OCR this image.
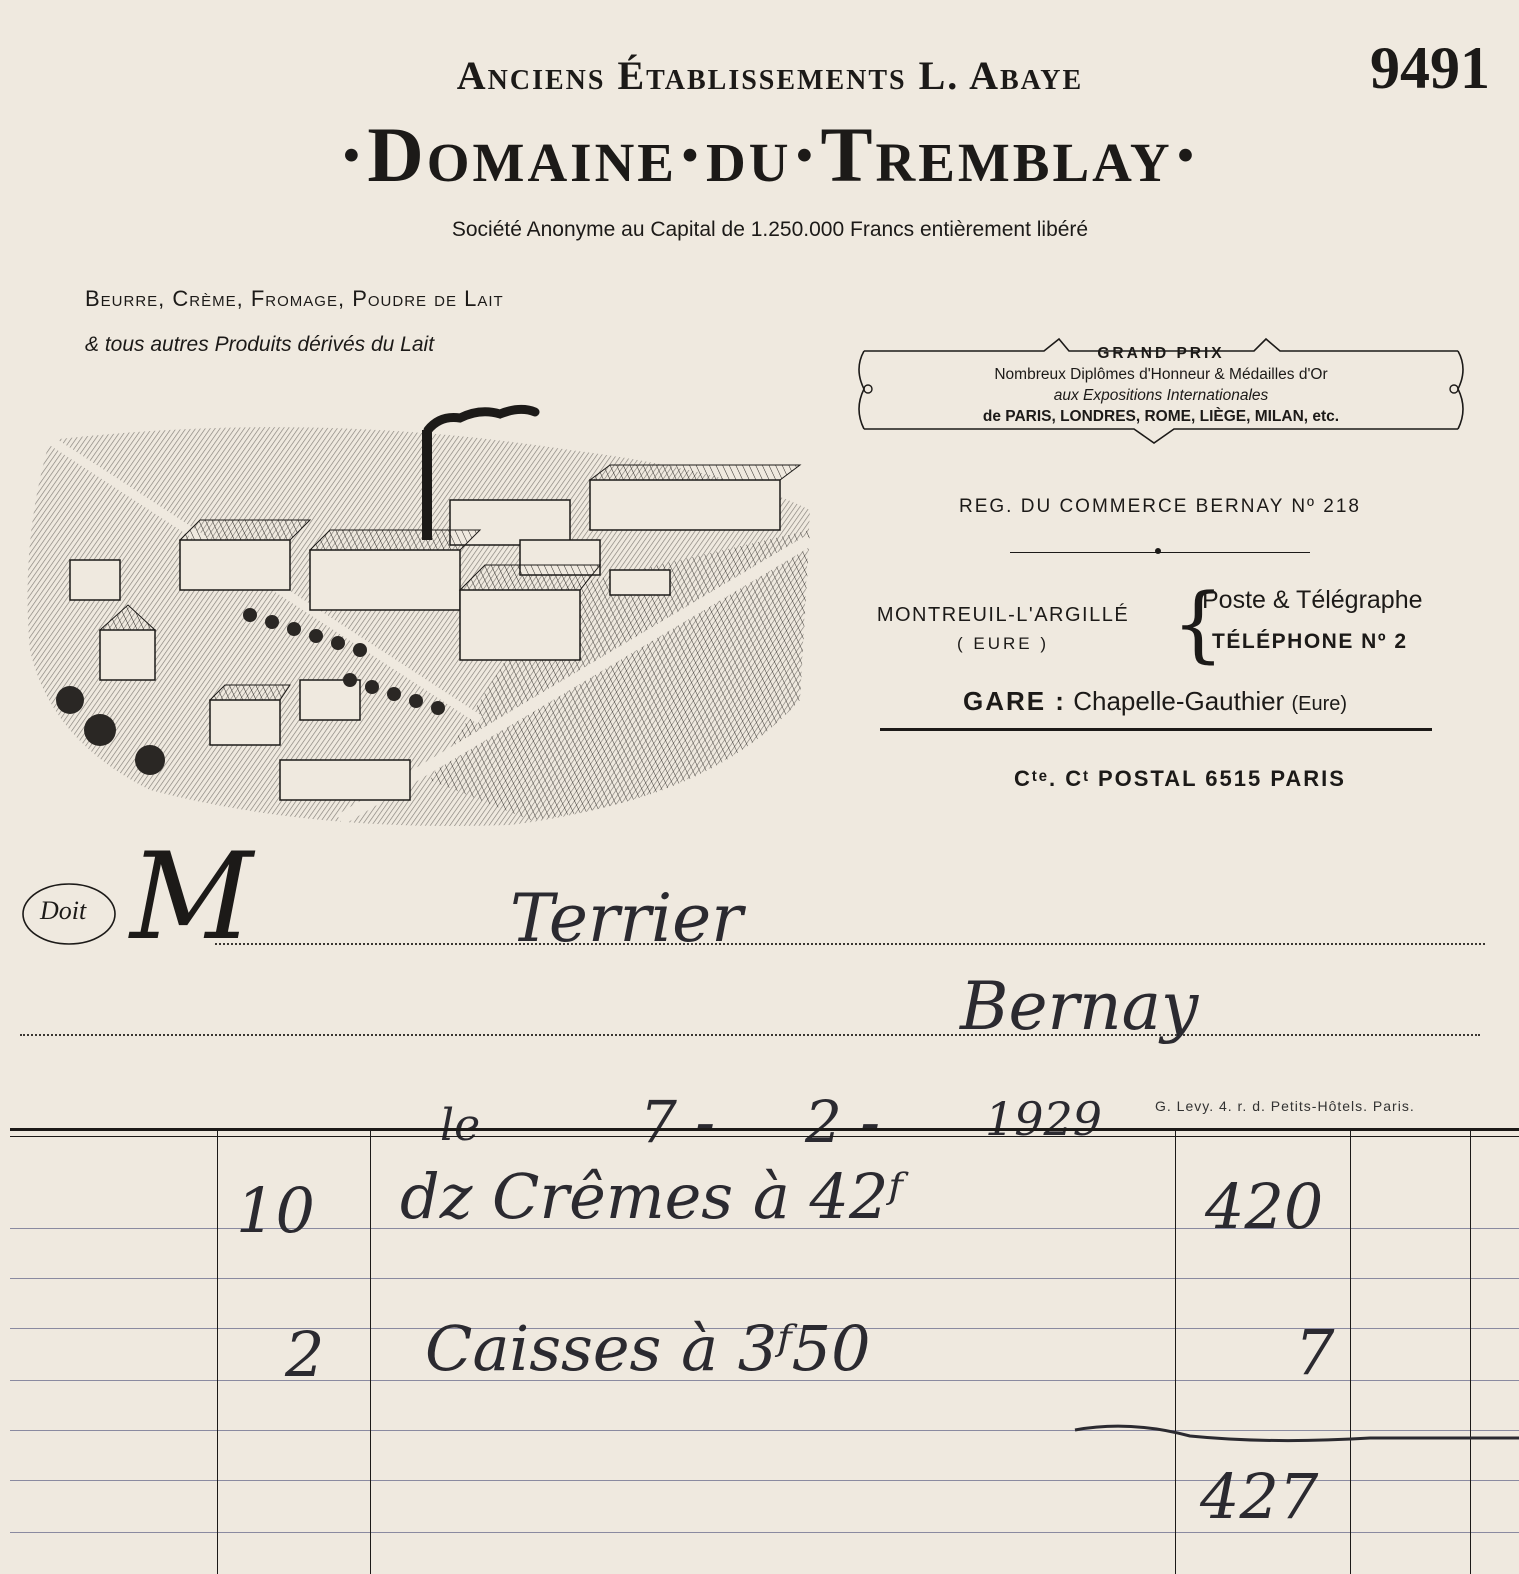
Anciens Établissements L. Abaye	9491
·Domaine·du·Tremblay·
Société Anonyme au Capital de 1.250.000 Francs entièrement libéré
Beurre, Crème, Fromage, Poudre de Lait
& tous autres Produits dérivés du Lait	GRAND PRIX
Nombreux Diplômes d'Honneur & Médailles d'Or
aux Expositions Internationales
de PARIS, LONDRES, ROME, LIÈGE, MILAN, etc.
REG. DU COMMERCE BERNAY Nº 218
MONTREUIL-L'ARGILLÉ
( EURE )	{
Poste & Télégraphe
TÉLÉPHONE Nº 2
GARE : Chapelle-Gauthier (Eure)
Cᵗᵉ. Cᵗ POSTAL 6515 PARIS
Doit M	Terrier
Bernay
le	7 - 2 - 1929	G. Levy. 4. r. d. Petits-Hôtels. Paris.
10 dz Crêmes à 42ᶠ	420
2 Caisses à 3ᶠ50	7
427
